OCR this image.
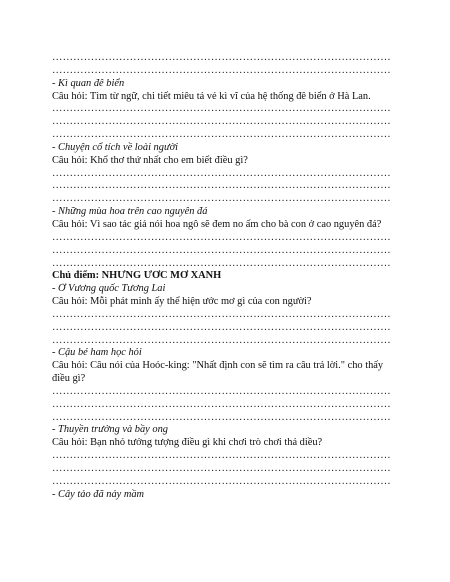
……………………………………………………………………………………
……………………………………………………………………………………
- Kì quan đê biển
Câu hỏi: Tìm từ ngữ, chi tiết miêu tả vẻ kì vĩ của hệ thống đê biển ở Hà Lan.
……………………………………………………………………………………
……………………………………………………………………………………
……………………………………………………………………………………
- Chuyện cổ tích về loài người
Câu hỏi: Khổ thơ thứ nhất cho em biết điều gì?
……………………………………………………………………………………
……………………………………………………………………………………
……………………………………………………………………………………
- Những mùa hoa trên cao nguyên đá
Câu hỏi: Vì sao tác giả nói hoa ngô sẽ đem no ấm cho bà con ở cao nguyên đá?
……………………………………………………………………………………
……………………………………………………………………………………
……………………………………………………………………………………
Chủ điểm: NHỮNG ƯỚC MƠ XANH
- Ở Vương quốc Tương Lai
Câu hỏi: Mỗi phát minh ấy thể hiện ước mơ gì của con người?
……………………………………………………………………………………
……………………………………………………………………………………
……………………………………………………………………………………
- Cậu bé ham học hỏi
Câu hỏi: Câu nói của Hoóc-king: "Nhất định con sẽ tìm ra câu trả lời." cho thấy
điều gì?
……………………………………………………………………………………
……………………………………………………………………………………
……………………………………………………………………………………
- Thuyền trưởng và bầy ong
Câu hỏi: Bạn nhỏ tưởng tượng điều gì khi chơi trò chơi thả diều?
……………………………………………………………………………………
……………………………………………………………………………………
……………………………………………………………………………………
- Cây tảo đã nảy mầm
